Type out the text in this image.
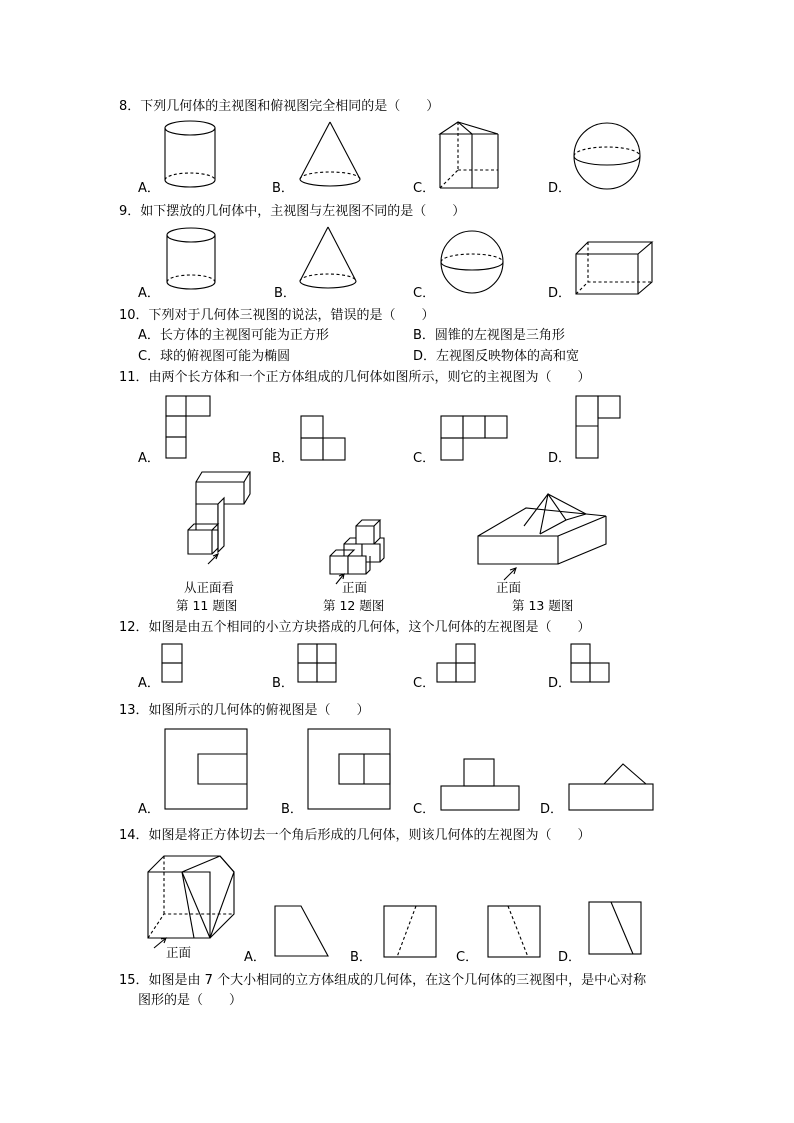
8．下列几何体的主视图和俯视图完全相同的是（　　）
A．	B．	C．	D．
9．如下摆放的几何体中，主视图与左视图不同的是（　　）
A．	B．	C．	D．
10．下列对于几何体三视图的说法，错误的是（　　）
A．长方体的主视图可能为正方形	B．圆锥的左视图是三角形
C．球的俯视图可能为椭圆	D．左视图反映物体的高和宽
11．由两个长方体和一个正方体组成的几何体如图所示，则它的主视图为（　　）
A．	B．	C．	D．
从正面看
第 11 题图
正面
第 12 题图
正面
第 13 题图
12．如图是由五个相同的小立方块搭成的几何体，这个几何体的左视图是（　　）
A．	B．	C．	D．
13．如图所示的几何体的俯视图是（　　）
A．	B．	C．	D．
14．如图是将正方体切去一个角后形成的几何体，则该几何体的左视图为（　　）
正面	A．	B．	C．	D．
15．如图是由 7 个大小相同的立方体组成的几何体，在这个几何体的三视图中，是中心对称
图形的是（　　）
